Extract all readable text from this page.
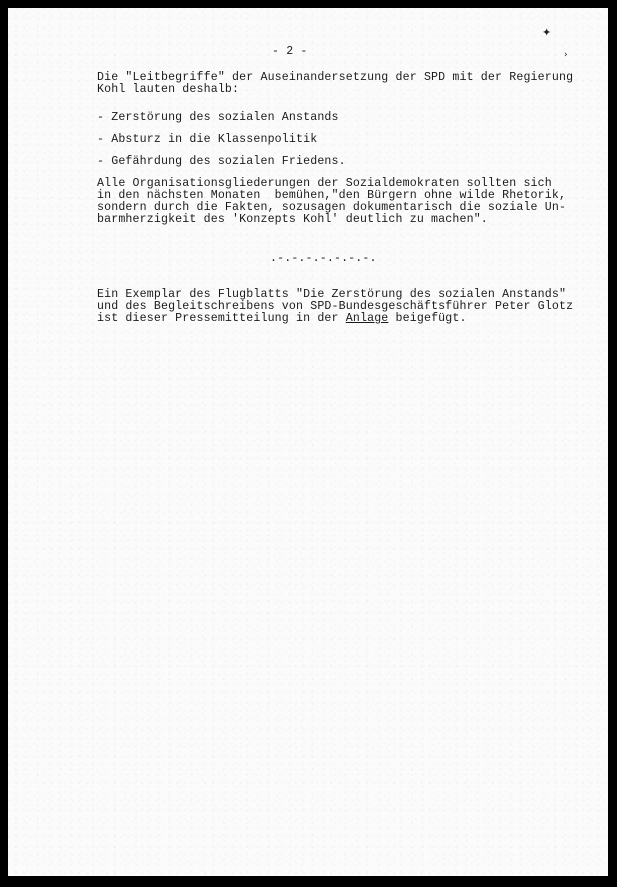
✦
›
- 2 -
Die "Leitbegriffe" der Auseinandersetzung der SPD mit der Regierung
Kohl lauten deshalb:
- Zerstörung des sozialen Anstands
- Absturz in die Klassenpolitik
- Gefährdung des sozialen Friedens.
Alle Organisationsgliederungen der Sozialdemokraten sollten sich
in den nächsten Monaten  bemühen,"den Bürgern ohne wilde Rhetorik,
sondern durch die Fakten, sozusagen dokumentarisch die soziale Un-
barmherzigkeit des 'Konzepts Kohl' deutlich zu machen".
.-.-.-.-.-.-.-.
Ein Exemplar des Flugblatts "Die Zerstörung des sozialen Anstands"
und des Begleitschreibens von SPD-Bundesgeschäftsführer Peter Glotz
ist dieser Pressemitteilung in der Anlage beigefügt.
